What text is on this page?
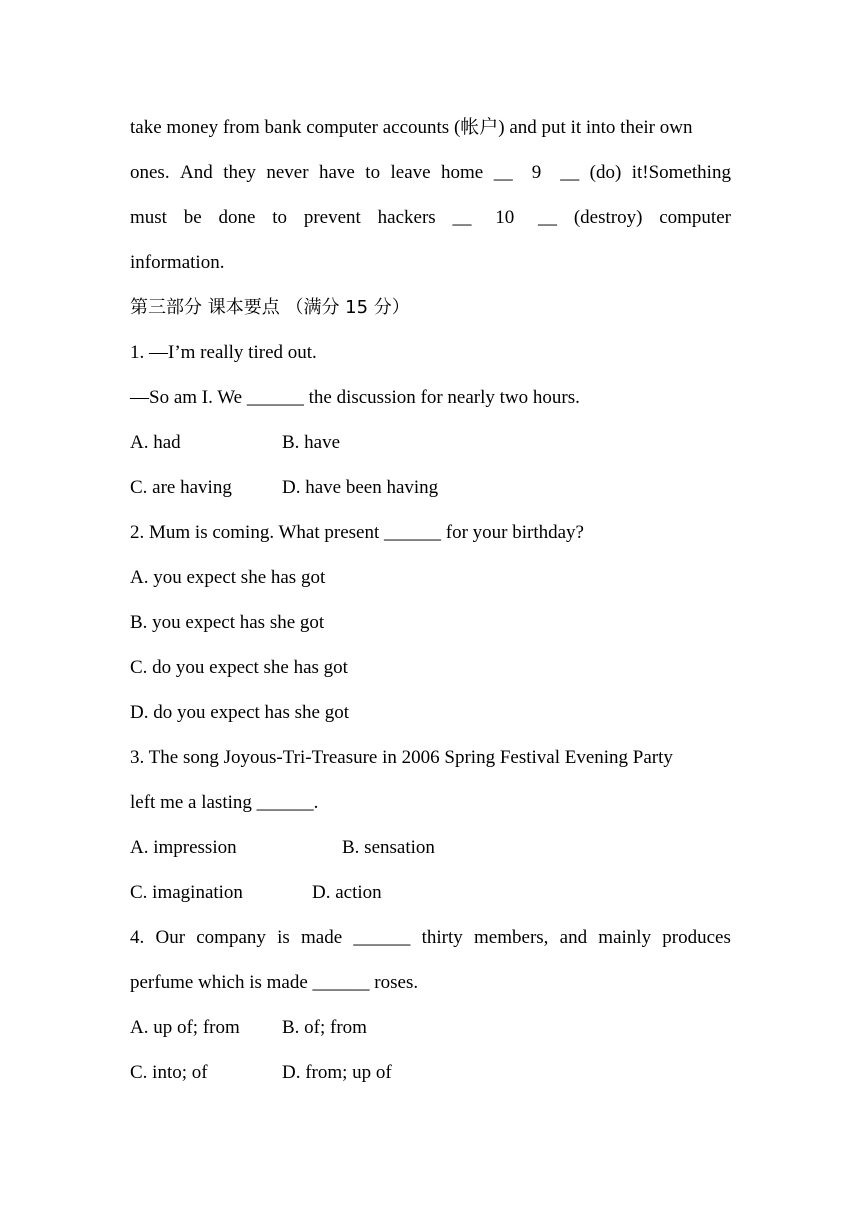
take money from bank computer accounts (帐户) and put it into their own
ones. And they never have to leave home __    9    __ (do) it!Something
must be done to prevent hackers __     10     __ (destroy) computer
information.
第三部分 课本要点 （满分 15 分）
1. —I’m really tired out.
—So am I. We ______ the discussion for nearly two hours.
A. had	B. have
C. are having	D. have been having
2. Mum is coming. What present ______ for your birthday?
A. you expect she has got
B. you expect has she got
C. do you expect she has got
D. do you expect has she got
3. The song Joyous-Tri-Treasure in 2006 Spring Festival Evening Party
left me a lasting ______.
A. impression	B. sensation
C. imagination	D. action
4. Our company is made ______ thirty members, and mainly produces
perfume which is made ______ roses.
A. up of; from B. of; from
C. into; of	D. from; up of
